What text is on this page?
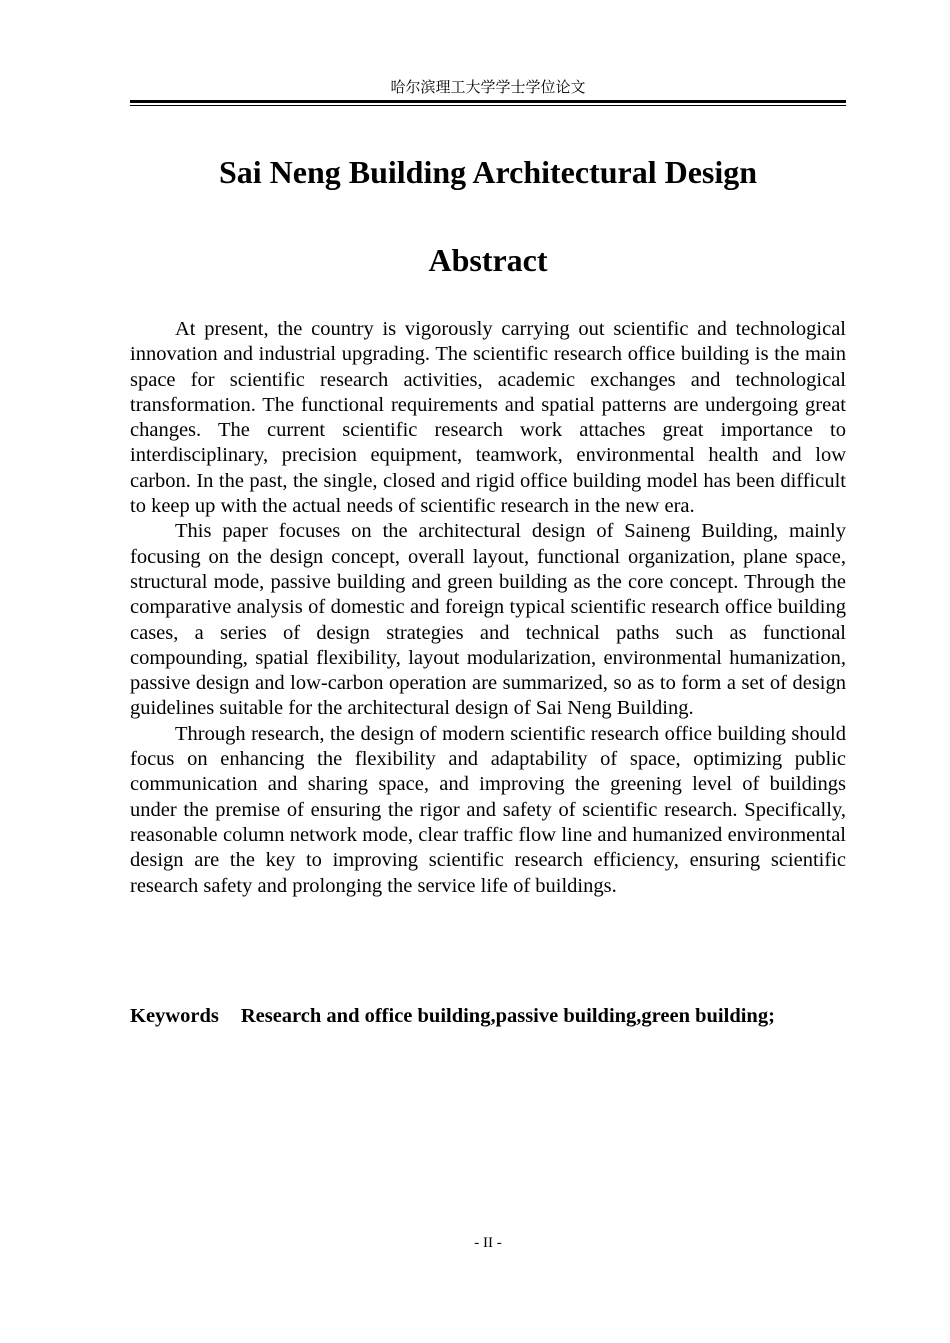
哈尔滨理工大学学士学位论文
Sai Neng Building Architectural Design
Abstract

At present, the country is vigorously carrying out scientific and technological innovation and industrial upgrading. The scientific research office building is the main space for scientific research activities, academic exchanges and technological transformation. The functional requirements and spatial patterns are undergoing great changes. The current scientific research work attaches great importance to interdisciplinary, precision equipment, teamwork, environmental health and low carbon. In the past, the single, closed and rigid office building model has been difficult to keep up with the actual needs of scientific research in the new era.

This paper focuses on the architectural design of Saineng Building, mainly focusing on the design concept, overall layout, functional organization, plane space, structural mode, passive building and green building as the core concept. Through the comparative analysis of domestic and foreign typical scientific research office building cases, a series of design strategies and technical paths such as functional compounding, spatial flexibility, layout modularization, environmental humanization, passive design and low-carbon operation are summarized, so as to form a set of design guidelines suitable for the architectural design of Sai Neng Building.

Through research, the design of modern scientific research office building should focus on enhancing the flexibility and adaptability of space, optimizing public communication and sharing space, and improving the greening level of buildings under the premise of ensuring the rigor and safety of scientific research. Specifically, reasonable column network mode, clear traffic flow line and humanized environmental design are the key to improving scientific research efficiency, ensuring scientific research safety and prolonging the service life of buildings.

Keywords Research and office building,passive building,green building;
- II -
